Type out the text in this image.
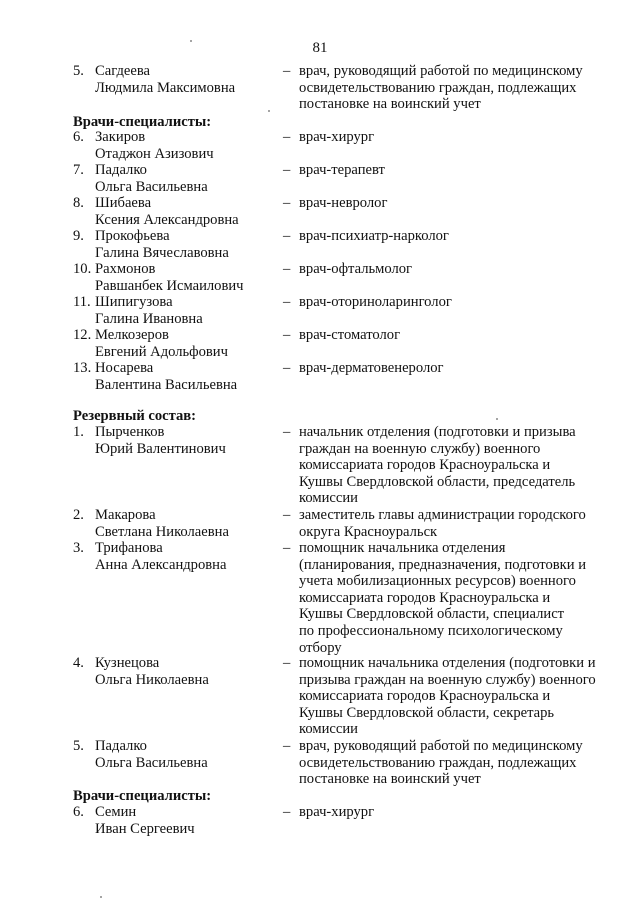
81
5. Сагдеева
Людмила Максимовна
– врач, руководящий работой по медицинскому
освидетельствованию граждан, подлежащих
постановке на воинский учет
Врачи-специалисты:
6. Закиров
Отаджон Азизович
– врач-хирург
7. Падалко
Ольга Васильевна
– врач-терапевт
8. Шибаева
Ксения Александровна
– врач-невролог
9. Прокофьева
Галина Вячеславовна
– врач-психиатр-нарколог
10. Рахмонов
Равшанбек Исмаилович
– врач-офтальмолог
11. Шипигузова
Галина Ивановна
– врач-оториноларинголог
12. Мелкозеров
Евгений Адольфович
– врач-стоматолог
13. Носарева
Валентина Васильевна
– врач-дерматовенеролог
Резервный состав:
1. Пырченков
Юрий Валентинович
– начальник отделения (подготовки и призыва
граждан на военную службу) военного
комиссариата городов Красноуральска и
Кушвы Свердловской области, председатель
комиссии
2. Макарова
Светлана Николаевна
– заместитель главы администрации городского
округа Красноуральск
3. Трифанова
Анна Александровна
– помощник начальника отделения
(планирования, предназначения, подготовки и
учета мобилизационных ресурсов) военного
комиссариата городов Красноуральска и
Кушвы Свердловской области, специалист
по профессиональному психологическому
отбору
4. Кузнецова
Ольга Николаевна
– помощник начальника отделения (подготовки и
призыва граждан на военную службу) военного
комиссариата городов Красноуральска и
Кушвы Свердловской области, секретарь
комиссии
5. Падалко
Ольга Васильевна
– врач, руководящий работой по медицинскому
освидетельствованию граждан, подлежащих
постановке на воинский учет
Врачи-специалисты:
6. Семин
Иван Сергеевич
– врач-хирург
